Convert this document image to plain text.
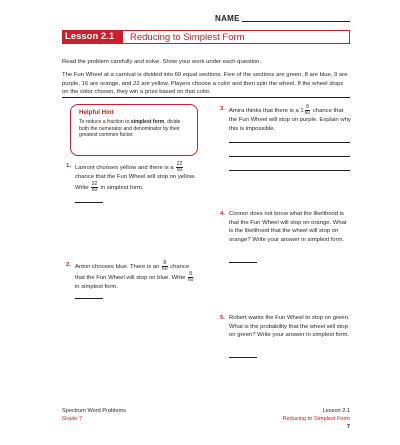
NAME
Lesson 2.1	Reducing to Simplest Form

Read the problem carefully and solve. Show your work under each question.

The Fun Wheel at a carnival is divided into 60 equal sections. Five of the sections are green, 8 are blue, 9 are purple, 16 are orange, and 22 are yellow. Players choose a color and then spin the wheel. If the wheel stops on the color chosen, they win a prize based on that color.

Helpful Hint
To reduce a fraction to simplest form, divide both the numerator and denominator by their greatest common factor.
1. Lamont chooses yellow and there is a $\frac{22}{60}$
chance that the Fun Wheel will stop on yellow. Write $\frac{22}{60}$ in simplest form.
2. Anton chooses blue. There is an $\frac{8}{60}$ chance that the Fun Wheel will stop on blue. Write $\frac{8}{60}$
in simplest form.
3. Amira thinks that there is a $1 \frac{9}{60}$ chance that the Fun Wheel will stop on purple. Explain why this is impossible.
4. Connor does not know what the likelihood is that the Fun Wheel will stop on orange. What is the likelihood that the wheel will stop on orange? Write your answer in simplest form.
5. Robert wants the Fun Wheel to stop on green. What is the probability that the wheel will stop on green? Write your answer in simplest form.
Spectrum Word Problems
Grade 7
Lesson 2.1
Reducing to Simplest Form
7
